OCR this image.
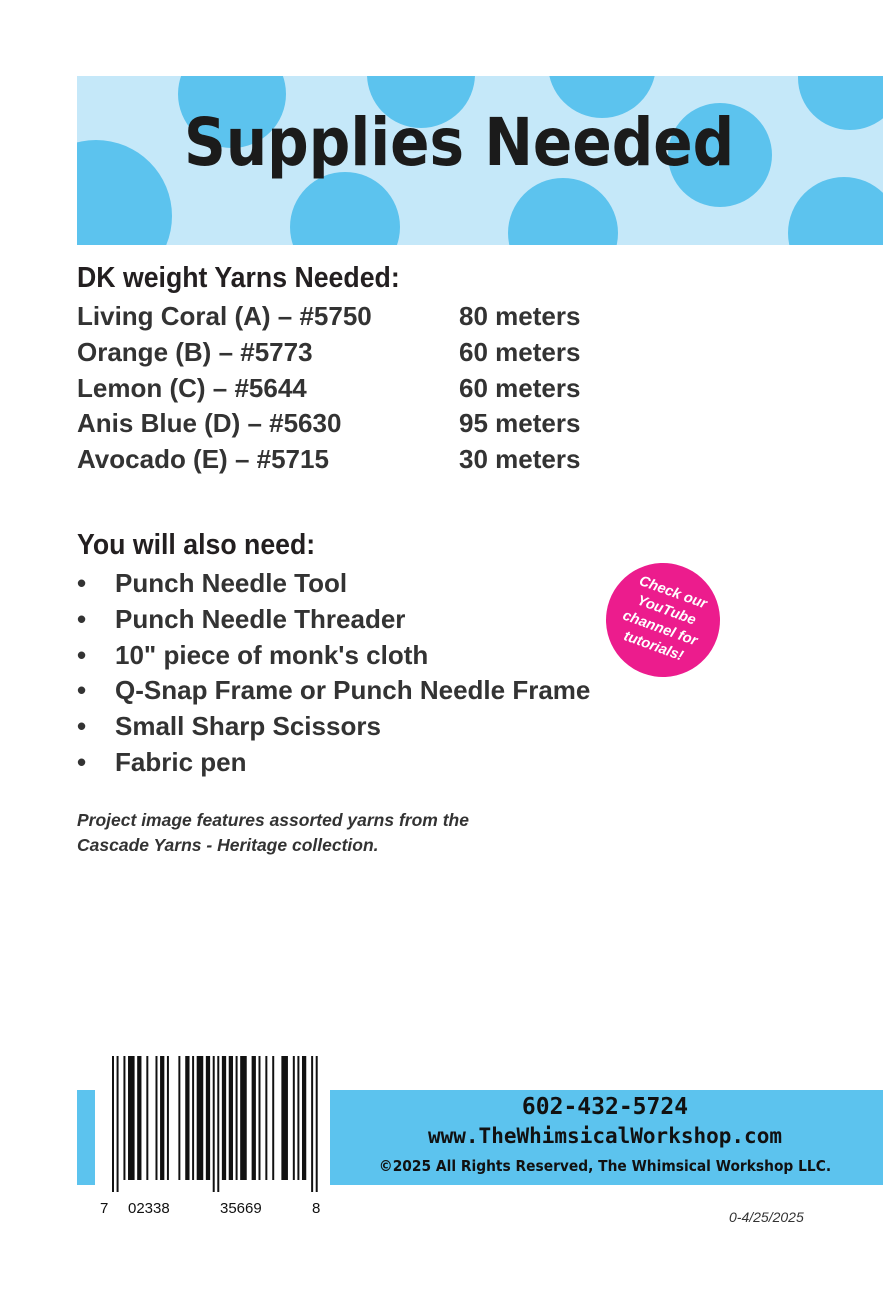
Supplies Needed
DK weight Yarns Needed:
Living Coral (A) – #5750	80 meters
Orange (B) – #5773	60 meters
Lemon (C) – #5644	60 meters
Anis Blue (D) – #5630	95 meters
Avocado (E) – #5715	30 meters
You will also need:
• Punch Needle Tool
• Punch Needle Threader
• 10" piece of monk's cloth
• Q-Snap Frame or Punch Needle Frame
• Small Sharp Scissors
• Fabric pen
Check our
YouTube
channel for
tutorials!
Project image features assorted yarns from the
Cascade Yarns - Heritage collection.
602-432-5724
www.TheWhimsicalWorkshop.com
©2025 All Rights Reserved, The Whimsical Workshop LLC.
7 02338	35669	8	0-4/25/2025
